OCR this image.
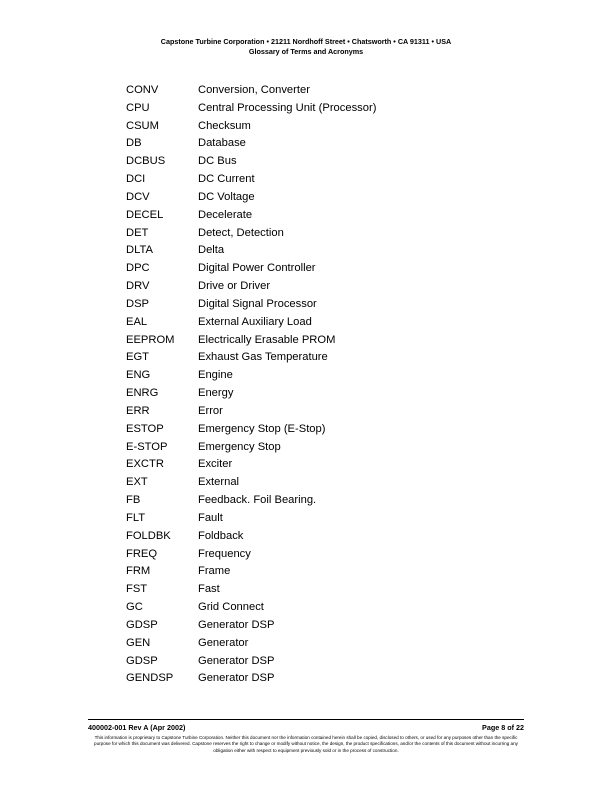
Capstone Turbine Corporation • 21211 Nordhoff Street • Chatsworth • CA 91311 • USA
Glossary of Terms and Acronyms
CONV	Conversion, Converter
CPU	Central Processing Unit (Processor)
CSUM	Checksum
DB	Database
DCBUS	DC Bus
DCI	DC Current
DCV	DC Voltage
DECEL	Decelerate
DET	Detect, Detection
DLTA	Delta
DPC	Digital Power Controller
DRV	Drive or Driver
DSP	Digital Signal Processor
EAL	External Auxiliary Load
EEPROM Electrically Erasable PROM
EGT	Exhaust Gas Temperature
ENG	Engine
ENRG	Energy
ERR	Error
ESTOP	Emergency Stop (E-Stop)
E-STOP	Emergency Stop
EXCTR	Exciter
EXT	External
FB	Feedback. Foil Bearing.
FLT	Fault
FOLDBK Foldback
FREQ	Frequency
FRM	Frame
FST	Fast
GC	Grid Connect
GDSP	Generator DSP
GEN	Generator
GDSP	Generator DSP
GENDSP Generator DSP
400002-001 Rev A (Apr 2002)	Page 8 of 22
This information is proprietary to Capstone Turbine Corporation. Neither this document nor the information contained herein shall be copied, disclosed to others, or used for any purposes other than the specific purpose for which this document was delivered. Capstone reserves the right to change or modify without notice, the design, the product specifications, and/or the contents of this document without incurring any obligation either with respect to equipment previously sold or in the process of construction.
